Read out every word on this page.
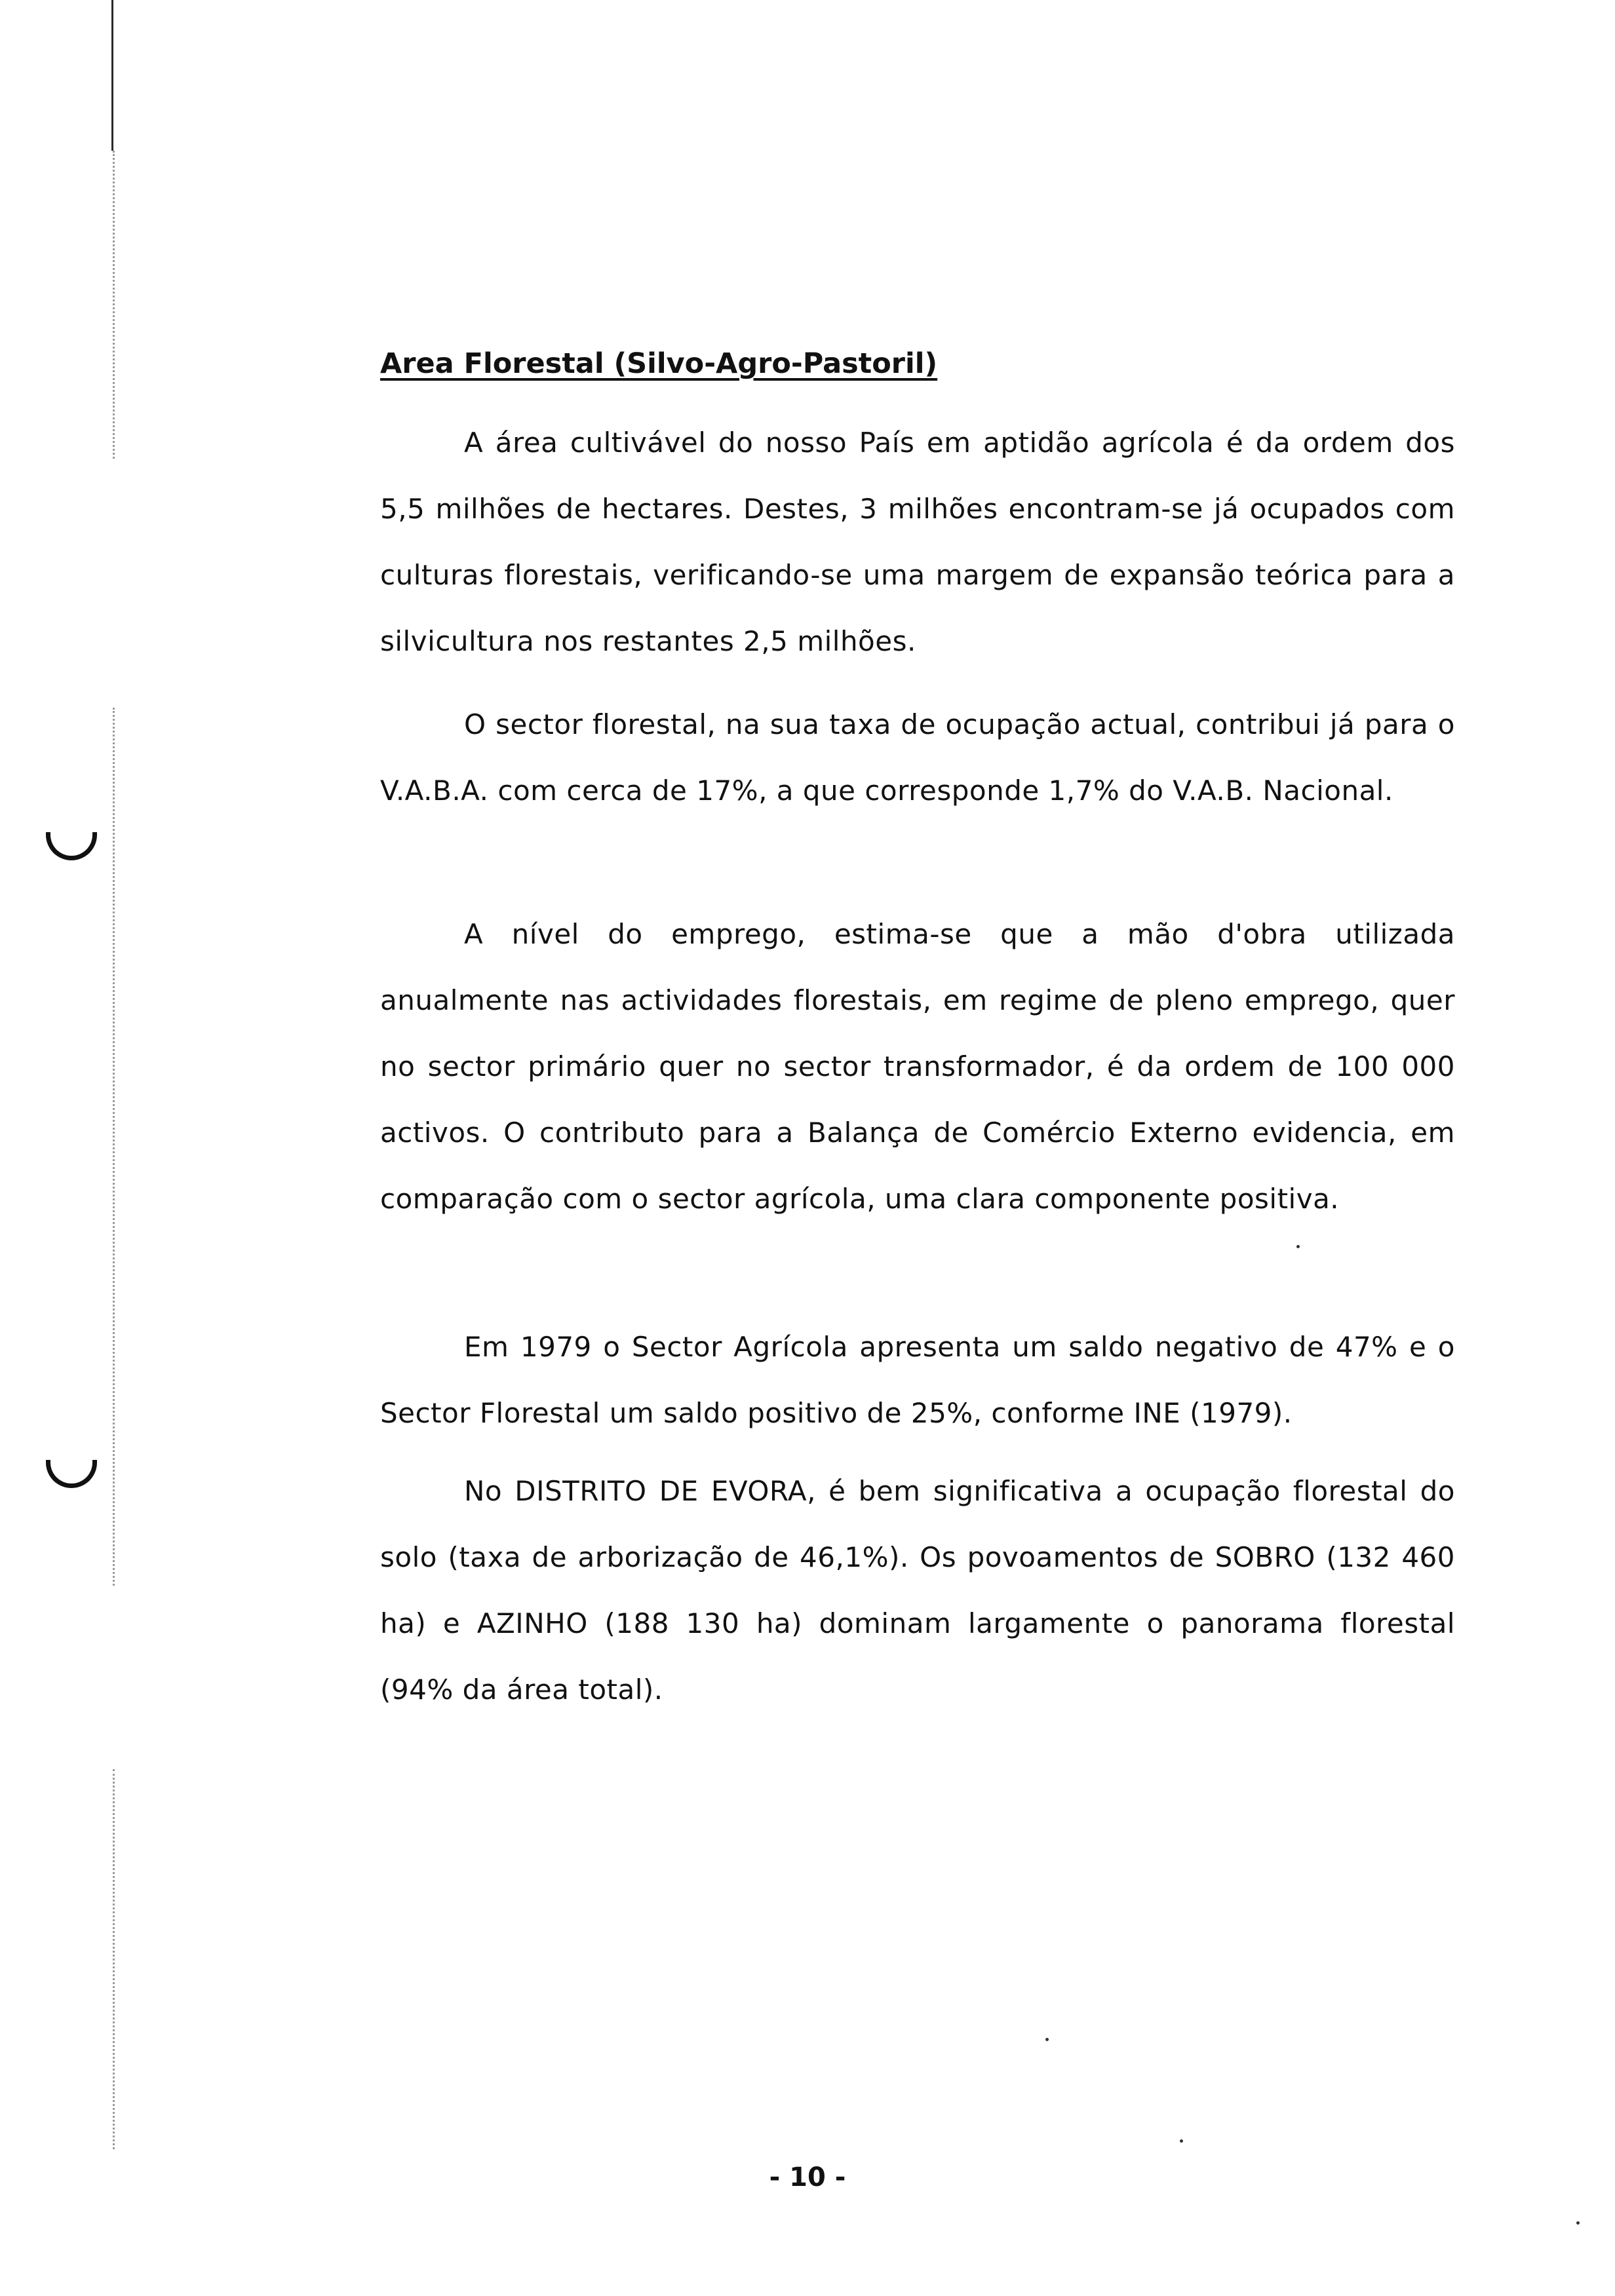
Area Florestal (Silvo-Agro-Pastoril)

A área cultivável do nosso País em aptidão agrícola é da ordem dos 5,5 milhões de hectares. Destes, 3 milhões encontram-se já ocupados com culturas florestais, verificando-se uma margem de expansão teórica para a silvicultura nos restantes 2,5 milhões.

O sector florestal, na sua taxa de ocupação actual, contribui já para o V.A.B.A. com cerca de 17%, a que corresponde 1,7% do V.A.B. Nacional.

A nível do emprego, estima-se que a mão d'obra utilizada anualmente nas actividades florestais, em regime de pleno emprego, quer no sector primário quer no sector transformador, é da ordem de 100 000 activos. O contributo para a Balança de Comércio Externo evidencia, em comparação com o sector agrícola, uma clara componente positiva.

Em 1979 o Sector Agrícola apresenta um saldo negativo de 47% e o Sector Florestal um saldo positivo de 25%, conforme INE (1979).

No DISTRITO DE EVORA, é bem significativa a ocupação florestal do solo (taxa de arborização de 46,1%). Os povoamentos de SOBRO (132 460 ha) e AZINHO (188 130 ha) dominam largamente o panorama florestal (94% da área total).

- 10 -
